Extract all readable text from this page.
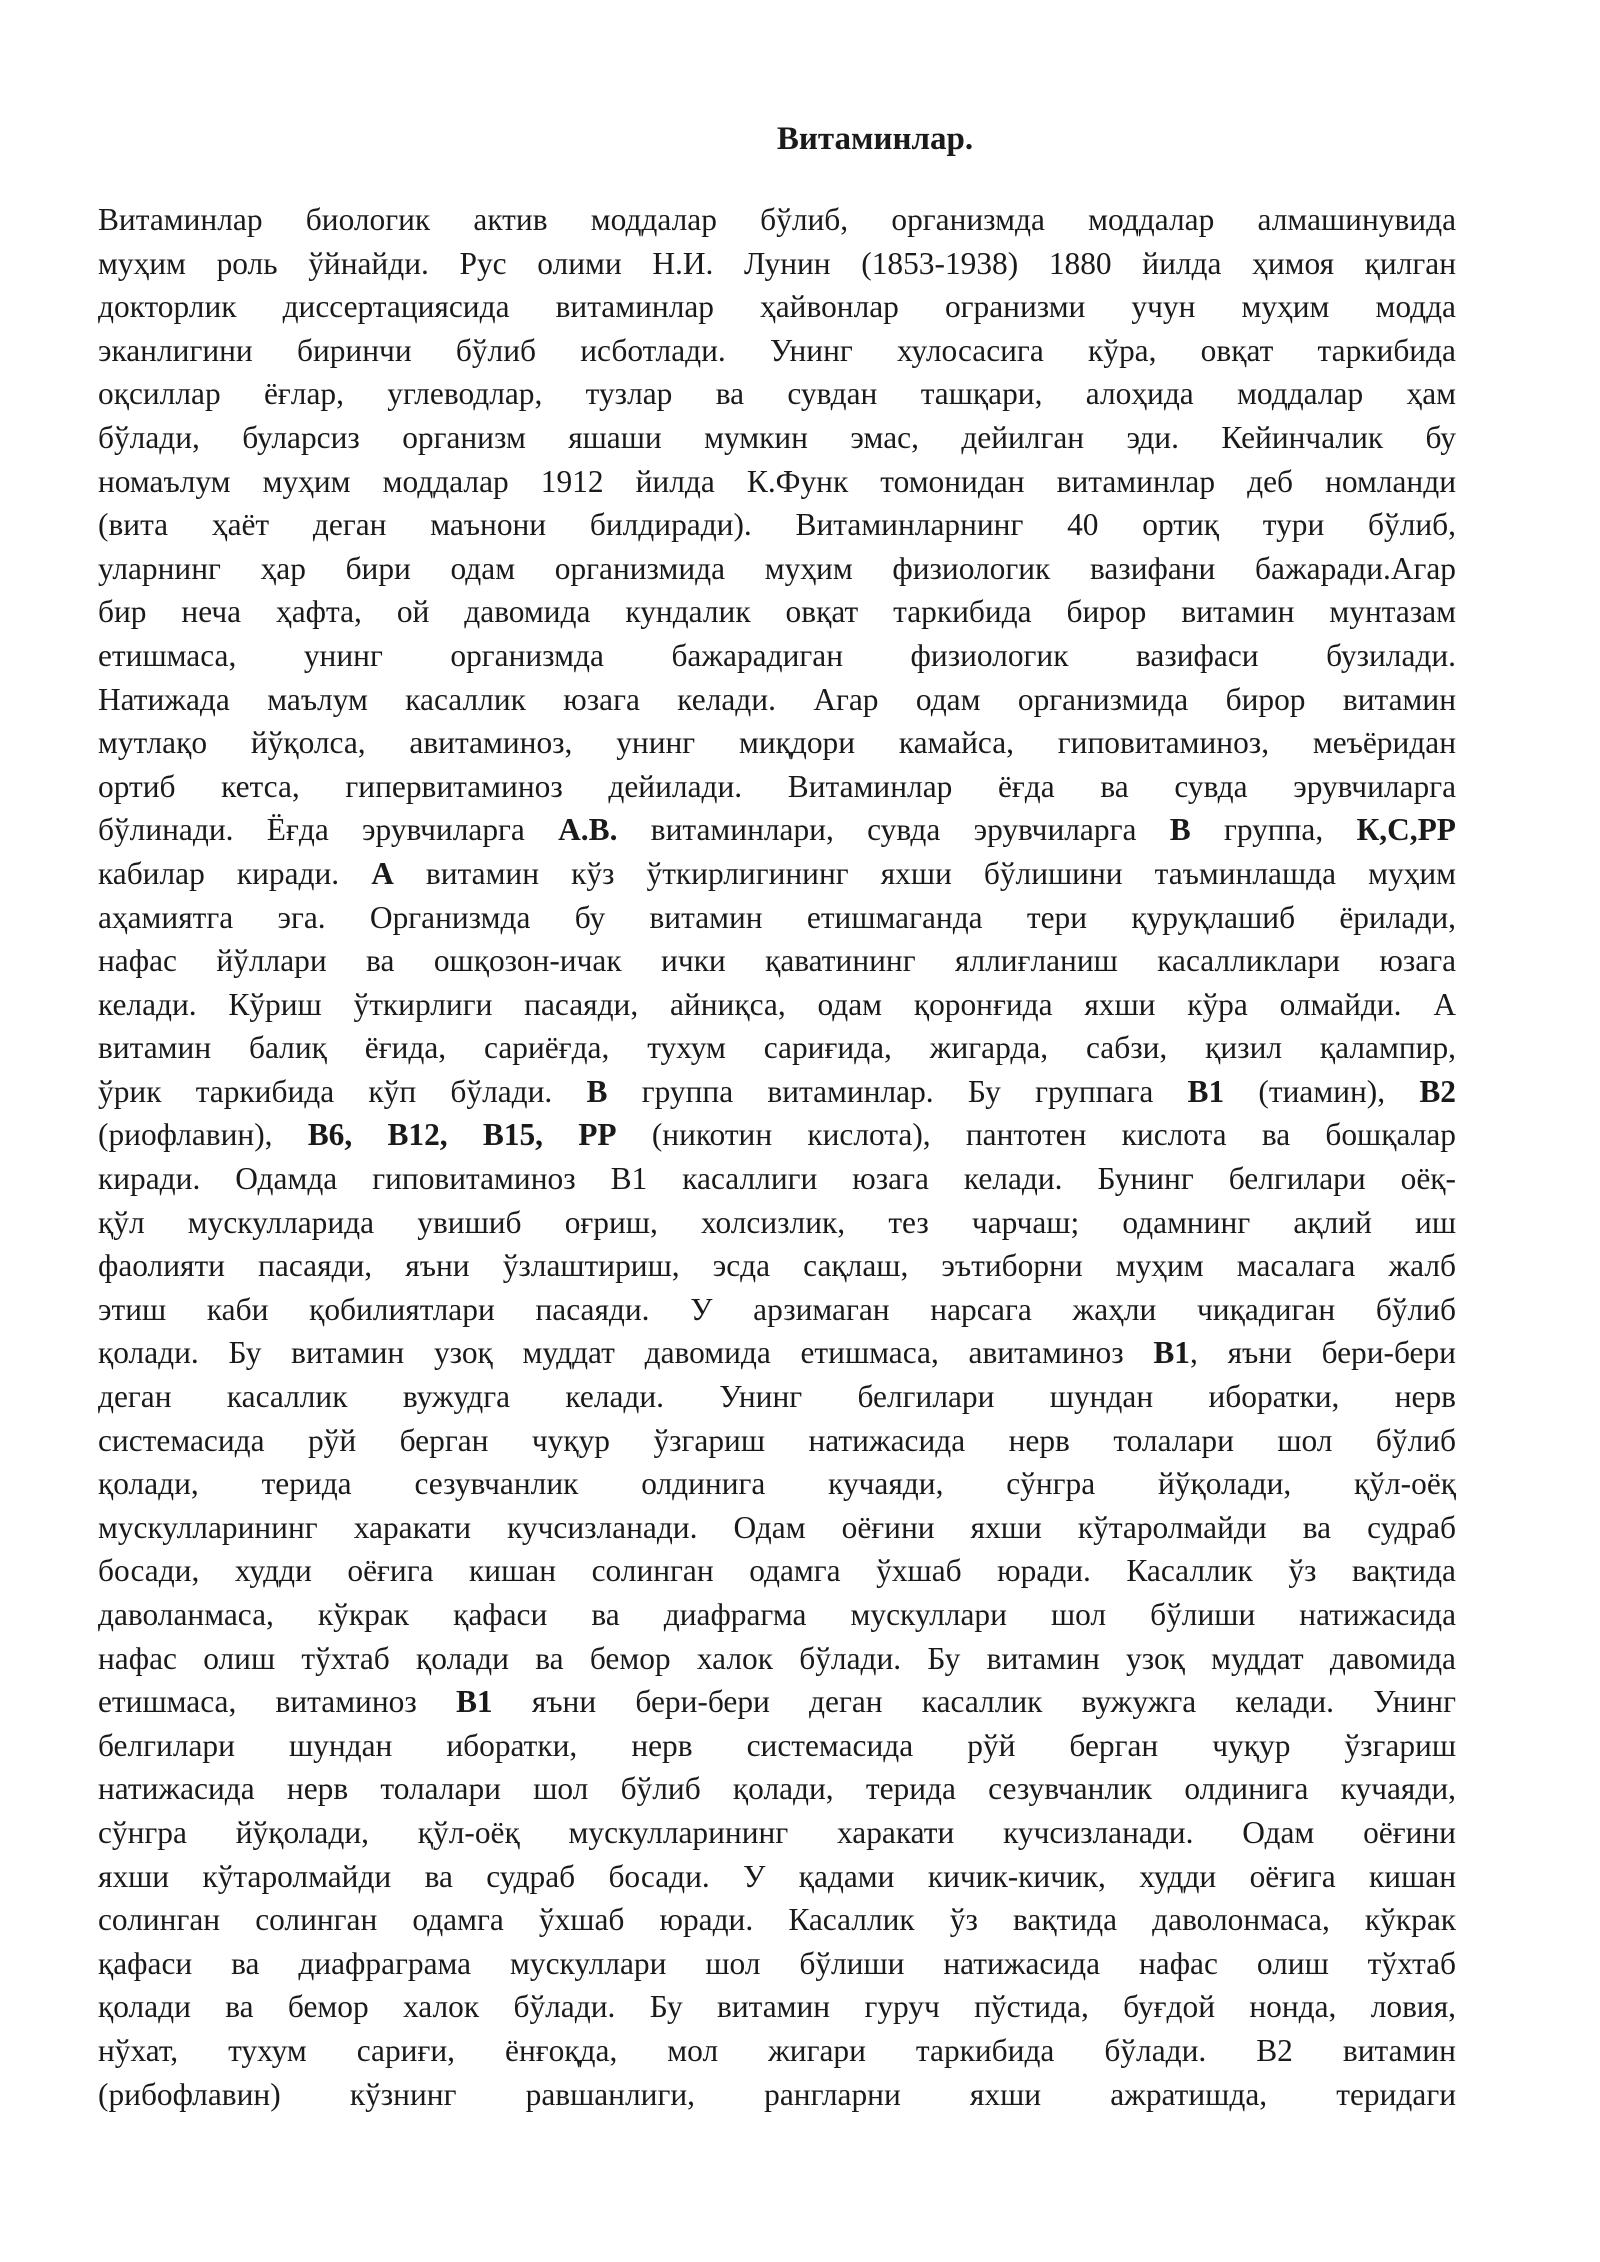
Витаминлар.
Витаминлар биологик актив моддалар бўлиб, организмда моддалар алмашинувида
муҳим роль ўйнайди. Рус олими Н.И. Лунин (1853-1938) 1880 йилда ҳимоя қилган
докторлик диссертациясида витаминлар ҳайвонлар огранизми учун муҳим модда
эканлигини биринчи бўлиб исботлади. Унинг хулосасига кўра, овқат таркибида
оқсиллар ёғлар, углеводлар, тузлар ва сувдан ташқари, алоҳида моддалар ҳам
бўлади, буларсиз организм яшаши мумкин эмас, дейилган эди. Кейинчалик бу
номаълум муҳим моддалар 1912 йилда К.Функ томонидан витаминлар деб номланди
(вита ҳаёт деган маънони билдиради). Витаминларнинг 40 ортиқ тури бўлиб,
уларнинг ҳар бири одам организмида муҳим физиологик вазифани бажаради.Агар
бир неча ҳафта, ой давомида кундалик овқат таркибида бирор витамин мунтазам
етишмаса, унинг организмда бажарадиган физиологик вазифаси бузилади.
Натижада маълум касаллик юзага келади. Агар одам организмида бирор витамин
мутлақо йўқолса, авитаминоз, унинг миқдори камайса, гиповитаминоз, меъёридан
ортиб кетса, гипервитаминоз дейилади. Витаминлар ёғда ва сувда эрувчиларга
бўлинади. Ёғда эрувчиларга А.В. витаминлари, сувда эрувчиларга В группа, К,С,РР
кабилар киради. А витамин кўз ўткирлигининг яхши бўлишини таъминлашда муҳим
аҳамиятга эга. Организмда бу витамин етишмаганда тери қуруқлашиб ёрилади,
нафас йўллари ва ошқозон-ичак ички қаватининг яллиғланиш касалликлари юзага
келади. Кўриш ўткирлиги пасаяди, айниқса, одам қоронғида яхши кўра олмайди. А
витамин балиқ ёғида, сариёғда, тухум сариғида, жигарда, сабзи, қизил қалампир,
ўрик таркибида кўп бўлади. В группа витаминлар. Бу группага В1 (тиамин), В2
(риофлавин), В6, В12, В15, РР (никотин кислота), пантотен кислота ва бошқалар
киради. Одамда гиповитаминоз В1 касаллиги юзага келади. Бунинг белгилари оёқ-
қўл мускулларида увишиб оғриш, холсизлик, тез чарчаш; одамнинг ақлий иш
фаолияти пасаяди, яъни ўзлаштириш, эсда сақлаш, эътиборни муҳим масалага жалб
этиш каби қобилиятлари пасаяди. У арзимаган нарсага жаҳли чиқадиган бўлиб
қолади. Бу витамин узоқ муддат давомида етишмаса, авитаминоз В1, яъни бери-бери
деган касаллик вужудга келади. Унинг белгилари шундан иборатки, нерв
системасида рўй берган чуқур ўзгариш натижасида нерв толалари шол бўлиб
қолади, терида сезувчанлик олдинига кучаяди, сўнгра йўқолади, қўл-оёқ
мускулларининг харакати кучсизланади. Одам оёғини яхши кўтаролмайди ва судраб
босади, худди оёғига кишан солинган одамга ўхшаб юради. Касаллик ўз вақтида
даволанмаса, кўкрак қафаси ва диафрагма мускуллари шол бўлиши натижасида
нафас олиш тўхтаб қолади ва бемор халок бўлади. Бу витамин узоқ муддат давомида
етишмаса, витаминоз В1 яъни бери-бери деган касаллик вужужга келади. Унинг
белгилари шундан иборатки, нерв системасида рўй берган чуқур ўзгариш
натижасида нерв толалари шол бўлиб қолади, терида сезувчанлик олдинига кучаяди,
сўнгра йўқолади, қўл-оёқ мускулларининг харакати кучсизланади. Одам оёғини
яхши кўтаролмайди ва судраб босади. У қадами кичик-кичик, худди оёғига кишан
солинган солинган одамга ўхшаб юради. Касаллик ўз вақтида даволонмаса, кўкрак
қафаси ва диафраграма мускуллари шол бўлиши натижасида нафас олиш тўхтаб
қолади ва бемор халок бўлади. Бу витамин гуруч пўстида, буғдой нонда, ловия,
нўхат, тухум сариғи, ёнғоқда, мол жигари таркибида бўлади. В2 витамин
(рибофлавин) кўзнинг равшанлиги, рангларни яхши ажратишда, теридаги
